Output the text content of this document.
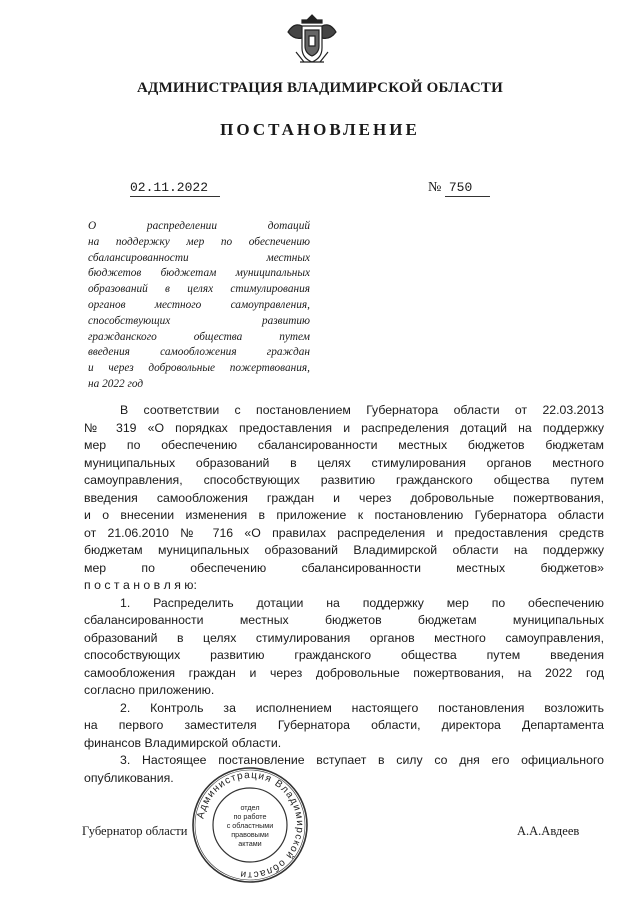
АДМИНИСТРАЦИЯ ВЛАДИМИРСКОЙ ОБЛАСТИ
ПОСТАНОВЛЕНИЕ
02.11.2022	№ 750
О распределении дотаций
на поддержку мер по обеспечению
сбалансированности местных
бюджетов бюджетам муниципальных
образований в целях стимулирования
органов местного самоуправления,
способствующих развитию
гражданского общества путем
введения самообложения граждан
и через добровольные пожертвования,
на 2022 год
В соответствии с постановлением Губернатора области от 22.03.2013
№ 319 «О порядках предоставления и распределения дотаций на поддержку
мер по обеспечению сбалансированности местных бюджетов бюджетам
муниципальных образований в целях стимулирования органов местного
самоуправления, способствующих развитию гражданского общества путем
введения самообложения граждан и через добровольные пожертвования,
и о внесении изменения в приложение к постановлению Губернатора области
от 21.06.2010 № 716 «О правилах распределения и предоставления средств
бюджетам муниципальных образований Владимирской области на поддержку
мер по обеспечению сбалансированности местных бюджетов»
п о с т а н о в л я ю:
1. Распределить дотации на поддержку мер по обеспечению
сбалансированности местных бюджетов бюджетам муниципальных
образований в целях стимулирования органов местного самоуправления,
способствующих развитию гражданского общества путем введения
самообложения граждан и через добровольные пожертвования, на 2022 год
согласно приложению.
2. Контроль за исполнением настоящего постановления возложить
на первого заместителя Губернатора области, директора Департамента
финансов Владимирской области.
3. Настоящее постановление вступает в силу со дня его официального
опубликования.
Губернатор области	А.А.Авдеев
Администрация Владимирской области
отдел
по работе
с областными
правовыми
актами
